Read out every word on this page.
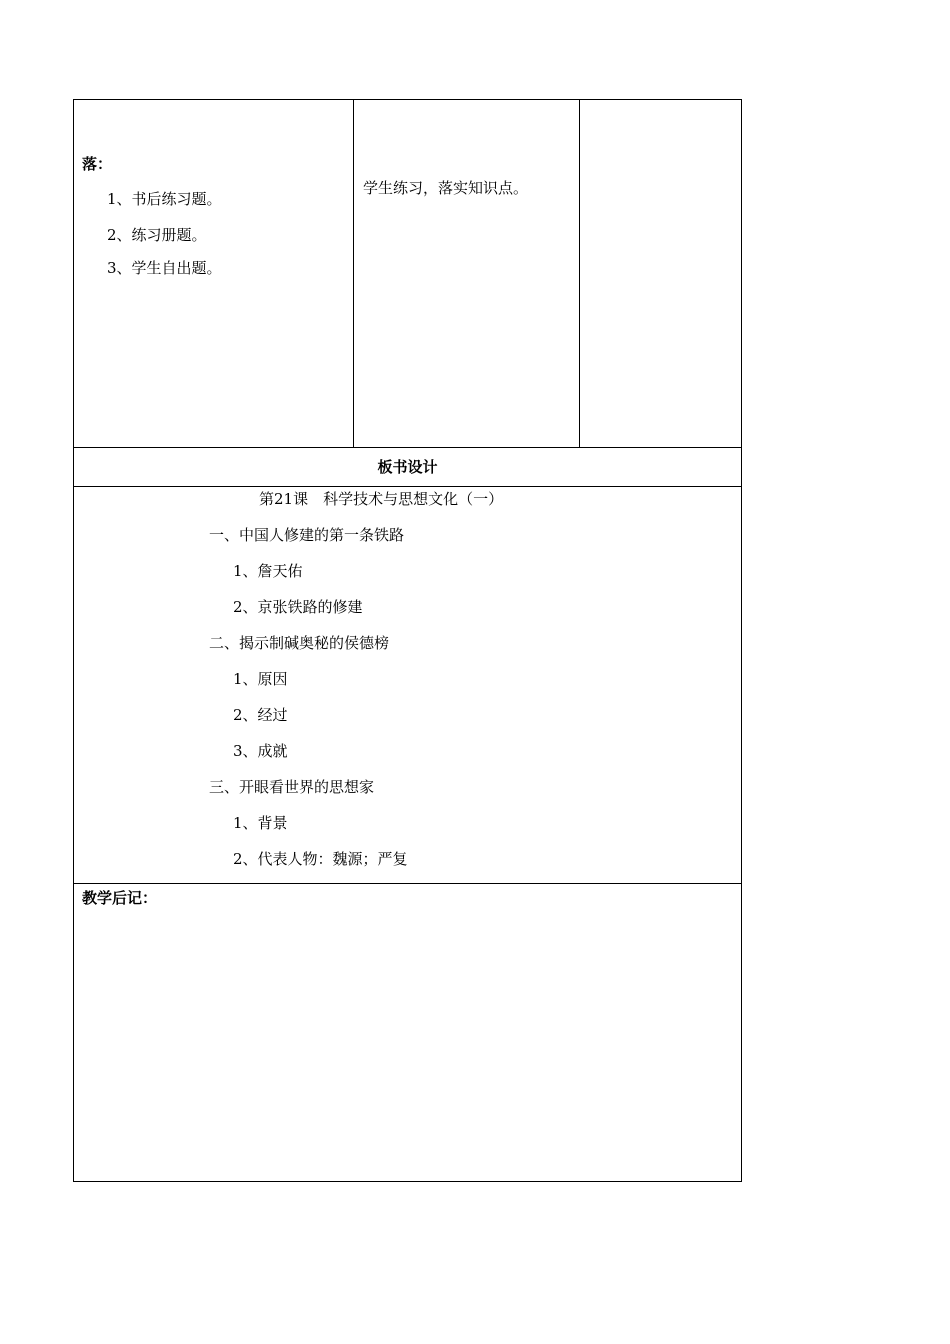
落：
1、书后练习题。
2、练习册题。
3、学生自出题。
学生练习，落实知识点。
板书设计
第21课　科学技术与思想文化（一）
一、中国人修建的第一条铁路
1、詹天佑
2、京张铁路的修建
二、揭示制碱奥秘的侯德榜
1、原因
2、经过
3、成就
三、开眼看世界的思想家
1、背景
2、代表人物：魏源；严复
教学后记：
